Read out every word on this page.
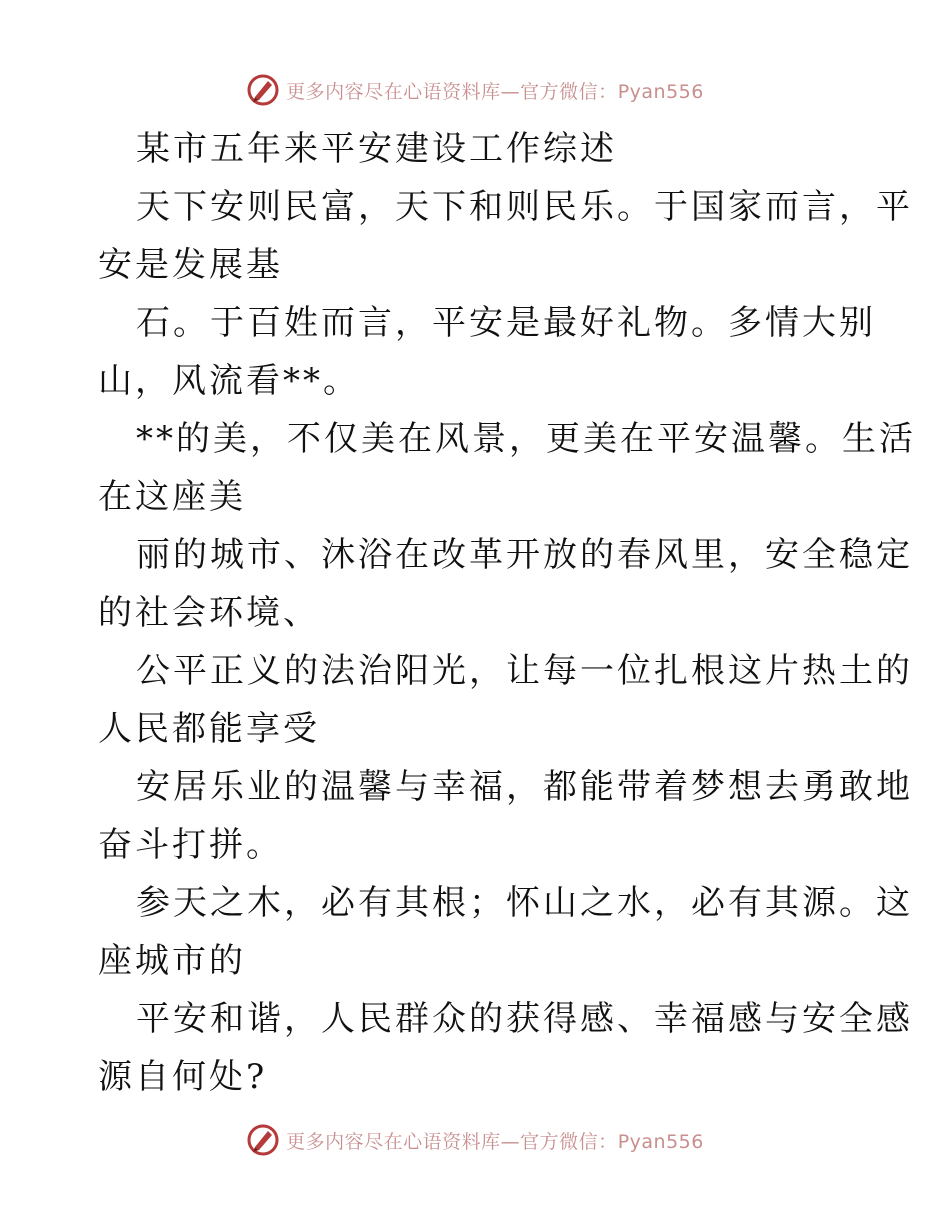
更多内容尽在心语资料库—官方微信：Pyan556
某市五年来平安建设工作综述
天下安则民富，天下和则民乐。于国家而言，平
安是发展基
石。于百姓而言，平安是最好礼物。多情大别
山，风流看**。
**的美，不仅美在风景，更美在平安温馨。生活
在这座美
丽的城市、沐浴在改革开放的春风里，安全稳定
的社会环境、
公平正义的法治阳光，让每一位扎根这片热土的
人民都能享受
安居乐业的温馨与幸福，都能带着梦想去勇敢地
奋斗打拼。
参天之木，必有其根；怀山之水，必有其源。这
座城市的
平安和谐，人民群众的获得感、幸福感与安全感
源自何处?
更多内容尽在心语资料库—官方微信：Pyan556
